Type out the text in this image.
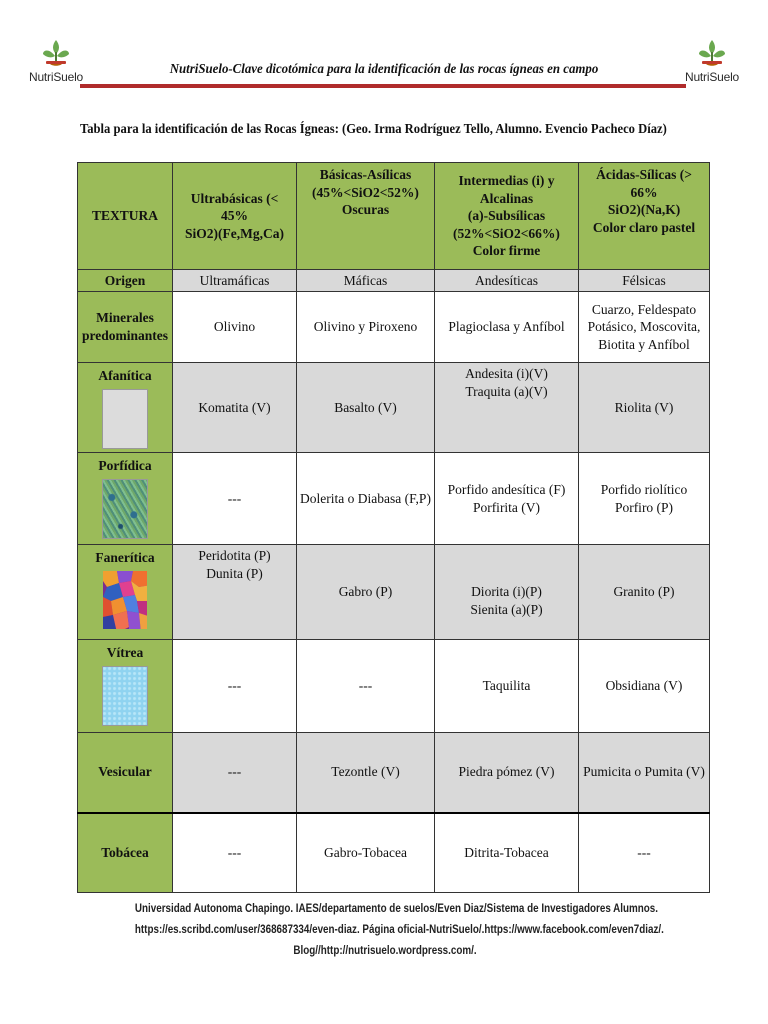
NutriSuelo	NutriSuelo-Clave dicotómica para la identificación de las rocas ígneas en campo	NutriSuelo
Tabla para la identificación de las Rocas Ígneas: (Geo. Irma Rodríguez Tello, Alumno. Evencio Pacheco Díaz)
TEXTURA	Ultrabásicas (< 45%
SiO2)(Fe,Mg,Ca)	Básicas-Asílicas
(45%<SiO2<52%)
Oscuras	Intermedias (i) y Alcalinas
(a)-Subsílicas
(52%<SiO2<66%)
Color firme	Ácidas-Sílicas (> 66%
SiO2)(Na,K)
Color claro pastel

Origen	Ultramáficas	Máficas	Andesíticas	Félsicas

Minerales
predominantes	Olivino	Olivino y Piroxeno	Plagioclasa y Anfíbol	Cuarzo, Feldespato
Potásico, Moscovita,
Biotita y Anfíbol

Afanítica	Komatita (V)	Basalto (V)	Andesita (i)(V)
Traquita (a)(V)	Riolita (V)

Porfídica	---	Dolerita o Diabasa (F,P)	Porfido andesítica (F)
Porfirita (V)	Porfido riolítico
Porfiro (P)

Fanerítica	Peridotita (P)
Dunita (P)	Gabro (P)	Diorita (i)(P)
Sienita (a)(P)	Granito (P)

Vítrea	---	---	Taquilita	Obsidiana (V)
Vesicular	---	Tezontle (V)	Piedra pómez (V)	Pumicita o Pumita (V)
Tobácea	---	Gabro-Tobacea	Ditrita-Tobacea	---
Universidad Autonoma Chapingo. IAES/departamento de suelos/Even Diaz/Sistema de Investigadores Alumnos.
https://es.scribd.com/user/368687334/even-diaz. Página oficial-NutriSuelo/.https://www.facebook.com/even7diaz/.
Blog//http://nutrisuelo.wordpress.com/.
